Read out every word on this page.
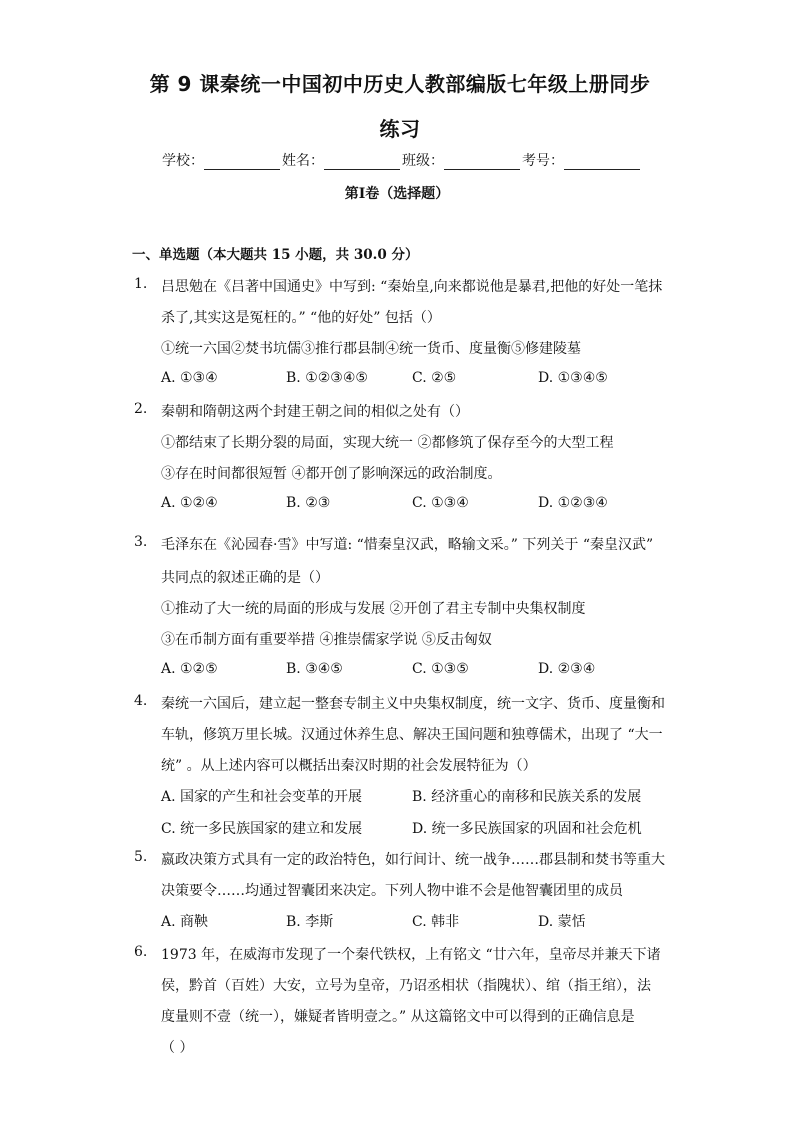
第 9 课秦统一中国初中历史人教部编版七年级上册同步
练习
学校：	姓名：	班级：	考号：
第Ⅰ卷（选择题）
一、单选题（本大题共 15 小题，共 30.0 分）
1. 吕思勉在《吕著中国通史》中写到: “秦始皇,向来都说他是暴君,把他的好处一笔抹
杀了,其实这是冤枉的。” “他的好处” 包括（）
①统一六国②焚书坑儒③推行郡县制④统一货币、度量衡⑤修建陵墓
A. ①③④	B. ①②③④⑤	C. ②⑤	D. ①③④⑤
2. 秦朝和隋朝这两个封建王朝之间的相似之处有（）
①都结束了长期分裂的局面，实现大统一 ②都修筑了保存至今的大型工程
③存在时间都很短暂 ④都开创了影响深远的政治制度。
A. ①②④	B. ②③	C. ①③④	D. ①②③④
3. 毛泽东在《沁园春·雪》中写道: “惜秦皇汉武，略输文采。” 下列关于 “秦皇汉武”
共同点的叙述正确的是（）
①推动了大一统的局面的形成与发展 ②开创了君主专制中央集权制度
③在币制方面有重要举措 ④推崇儒家学说 ⑤反击匈奴
A. ①②⑤	B. ③④⑤	C. ①③⑤	D. ②③④
4. 秦统一六国后，建立起一整套专制主义中央集权制度，统一文字、货币、度量衡和
车轨，修筑万里长城。汉通过休养生息、解决王国问题和独尊儒术，出现了 “大一
统” 。从上述内容可以概括出秦汉时期的社会发展特征为（）
A. 国家的产生和社会变革的开展	B. 经济重心的南移和民族关系的发展
C. 统一多民族国家的建立和发展	D. 统一多民族国家的巩固和社会危机
5. 嬴政决策方式具有一定的政治特色，如行间计、统一战争……郡县制和焚书等重大
决策要令……均通过智囊团来决定。下列人物中谁不会是他智囊团里的成员
A. 商鞅	B. 李斯	C. 韩非	D. 蒙恬
6. 1973 年，在威海市发现了一个秦代铁权，上有铭文 “廿六年，皇帝尽并兼天下诸
侯，黔首（百姓）大安，立号为皇帝，乃诏丞相状（指隗状）、绾（指王绾），法
度量则不壹（统一），嫌疑者皆明壹之。” 从这篇铭文中可以得到的正确信息是
（ ）
